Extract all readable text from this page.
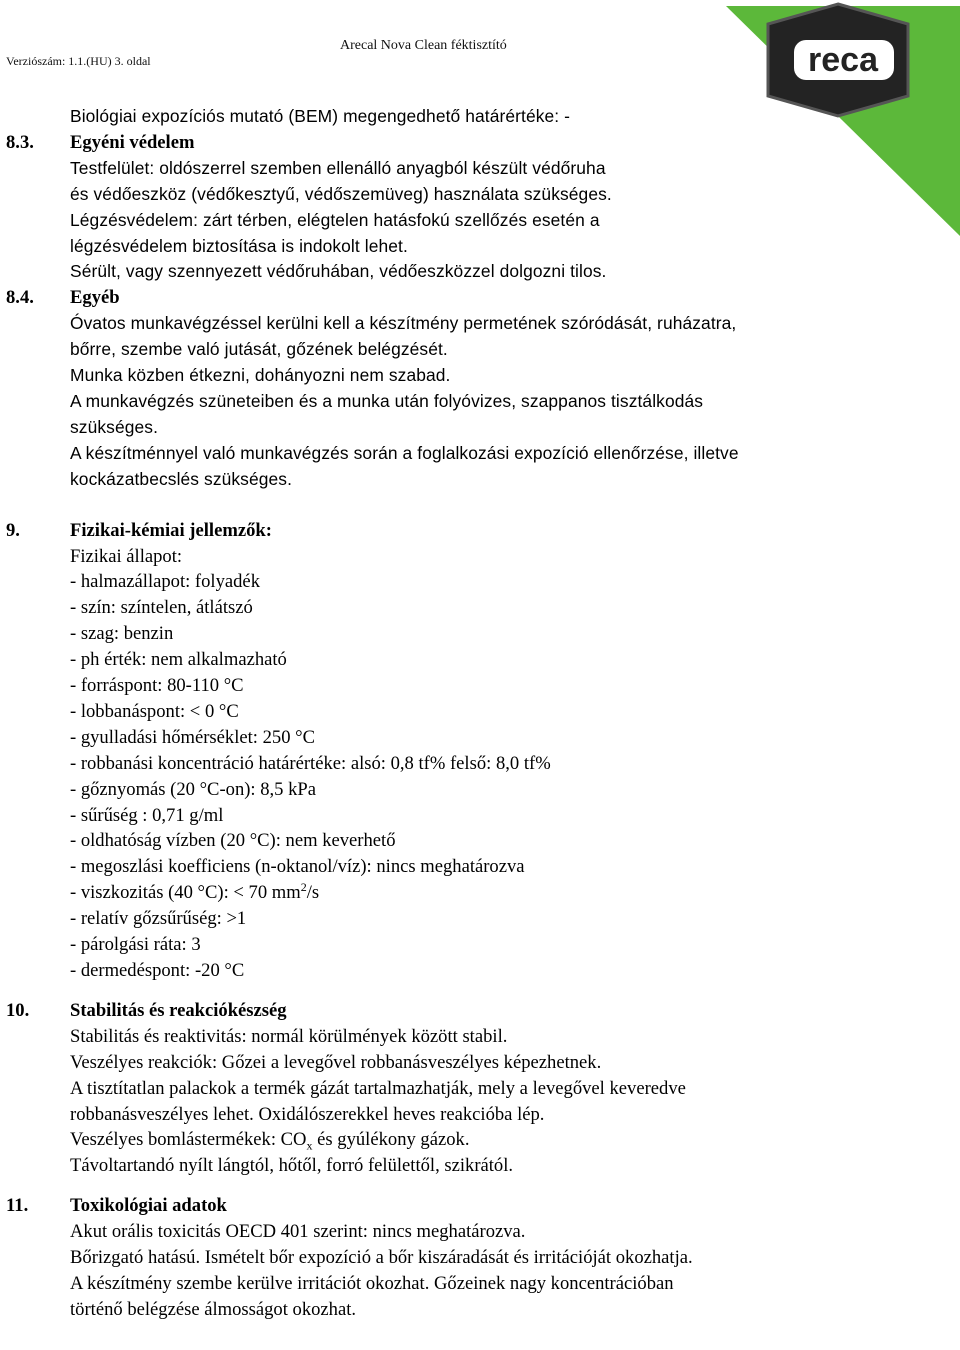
Verziószám: 1.1.(HU) 3. oldal
Arecal Nova Clean féktisztító	reca
Biológiai expozíciós mutató (BEM) megengedhető határértéke: -
8.3. Egyéni védelem
Testfelület: oldószerrel szemben ellenálló anyagból készült védőruha
és védőeszköz (védőkesztyű, védőszemüveg) használata szükséges.
Légzésvédelem: zárt térben, elégtelen hatásfokú szellőzés esetén a
légzésvédelem biztosítása is indokolt lehet.
Sérült, vagy szennyezett védőruhában, védőeszközzel dolgozni tilos.
8.4. Egyéb
Óvatos munkavégzéssel kerülni kell a készítmény permetének szóródását, ruházatra,
bőrre, szembe való jutását, gőzének belégzését.
Munka közben étkezni, dohányozni nem szabad.
A munkavégzés szüneteiben és a munka után folyóvizes, szappanos tisztálkodás
szükséges.
A készítménnyel való munkavégzés során a foglalkozási expozíció ellenőrzése, illetve
kockázatbecslés szükséges.
9.	Fizikai-kémiai jellemzők:
Fizikai állapot:
- halmazállapot: folyadék
- szín: színtelen, átlátszó
- szag: benzin
- ph érték: nem alkalmazható
- forráspont: 80-110 °C
- lobbanáspont: < 0 °C
- gyulladási hőmérséklet: 250 °C
- robbanási koncentráció határértéke: alsó: 0,8 tf% felső: 8,0 tf%
- gőznyomás (20 °C-on): 8,5 kPa
- sűrűség : 0,71 g/ml
- oldhatóság vízben (20 °C): nem keverhető
- megoszlási koefficiens (n-oktanol/víz): nincs meghatározva
- viszkozitás (40 °C): < 70 $mm^2/s$
- relatív gőzsűrűség: >1
- párolgási ráta: 3
- dermedéspont: -20 °C
10. Stabilitás és reakciókészség
Stabilitás és reaktivitás: normál körülmények között stabil.
Veszélyes reakciók: Gőzei a levegővel robbanásveszélyes képezhetnek.
A tisztítatlan palackok a termék gázát tartalmazhatják, mely a levegővel keveredve
robbanásveszélyes lehet. Oxidálószerekkel heves reakcióba lép.
Veszélyes bomlástermékek: $CO_x$ és gyúlékony gázok.
Távoltartandó nyílt lángtól, hőtől, forró felülettől, szikrától.
11. Toxikológiai adatok
Akut orális toxicitás OECD 401 szerint: nincs meghatározva.
Bőrizgató hatású. Ismételt bőr expozíció a bőr kiszáradását és irritációját okozhatja.
A készítmény szembe kerülve irritációt okozhat. Gőzeinek nagy koncentrációban
történő belégzése álmosságot okozhat.
